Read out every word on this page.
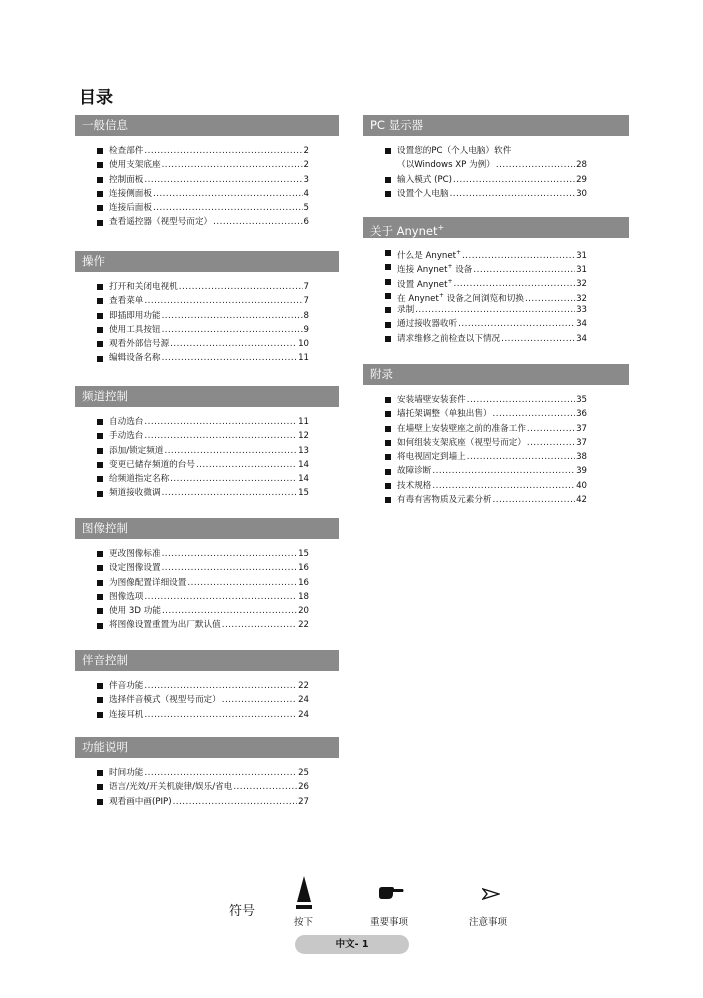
目录
一般信息
检查部件 .....	2
使用支架底座 .....	2
控制面板 .....	3
连接侧面板 .....	4
连接后面板 .....	5
查看遥控器（视型号而定） .....	6
操作
打开和关闭电视机 .....	7
查看菜单 .....	7
即插即用功能 .....	8
使用工具按钮 .....	9
观看外部信号源 .....	10
编辑设备名称 .....	11
频道控制
自动选台 .....	11
手动选台 .....	12
添加/锁定频道 .....	13
变更已储存频道的台号 .....	14
给频道指定名称 .....	14
频道接收微调 .....	15
图像控制
更改图像标准 .....	15
设定图像设置 .....	16
为图像配置详细设置 .....	16
图像选项 .....	18
使用 3D 功能 .....	20
将图像设置重置为出厂默认值 .....	22
伴音控制
伴音功能 .....	22
选择伴音模式（视型号而定） .....	24
连接耳机 .....	24
功能说明
时间功能 .....	25
语言/光效/开关机旋律/娱乐/省电 .....	26
观看画中画(PIP) .....	27
PC 显示器
设置您的PC（个人电脑）软件
（以Windows XP 为例） .....	28
输入模式 (PC) .....	29
设置个人电脑 .....	30
关于 Anynet+
什么是 Anynet+ .....	31
连接 Anynet+ 设备 .....	31
设置 Anynet+ .....	32
在 Anynet+ 设备之间浏览和切换 .....	32
录制 .....	33
通过接收器收听 .....	34
请求维修之前检查以下情况 .....	34
附录
安装墙壁安装套件 .....	35
墙托架调整（单独出售） .....	36
在墙壁上安装壁座之前的准备工作 .....	37
如何组装支架底座（视型号而定） .....	37
将电视固定到墙上 .....	38
故障诊断 .....	39
技术规格 .....	40
有毒有害物质及元素分析 .....	42
符号
按下	重要事项	注意事项
中文- 1
